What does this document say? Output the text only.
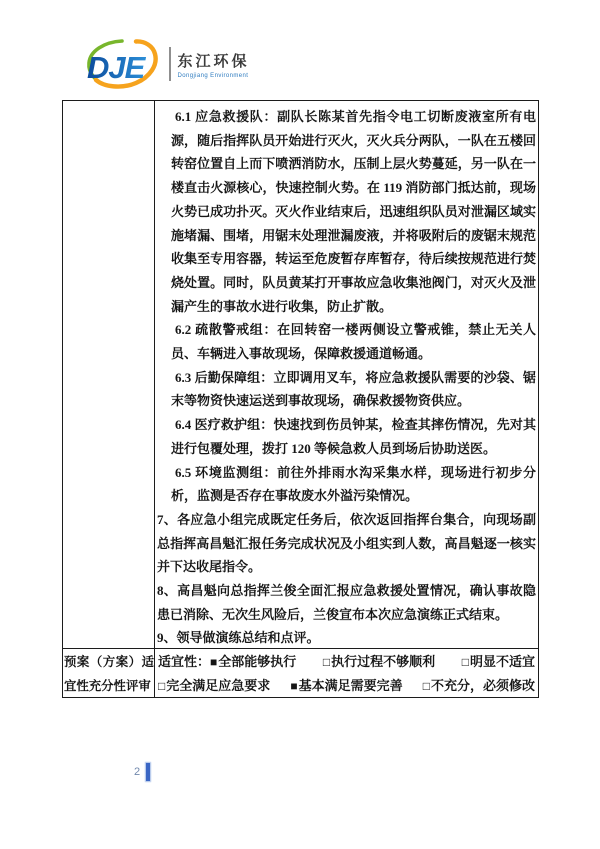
DJE 东江环保
Dongjiang Environment

6.1 应急救援队：副队长陈某首先指令电工切断废液室所有电源，随后指挥队员开始进行灭火，灭火兵分两队，一队在五楼回转窑位置自上而下喷洒消防水，压制上层火势蔓延，另一队在一楼直击火源核心，快速控制火势。在 119 消防部门抵达前，现场火势已成功扑灭。灭火作业结束后，迅速组织队员对泄漏区域实施堵漏、围堵，用锯末处理泄漏废液，并将吸附后的废锯末规范收集至专用容器，转运至危废暂存库暂存，待后续按规范进行焚烧处置。同时，队员黄某打开事故应急收集池阀门，对灭火及泄漏产生的事故水进行收集，防止扩散。

6.2 疏散警戒组：在回转窑一楼两侧设立警戒锥，禁止无关人员、车辆进入事故现场，保障救援通道畅通。

6.3 后勤保障组：立即调用叉车，将应急救援队需要的沙袋、锯末等物资快速运送到事故现场，确保救援物资供应。

6.4 医疗救护组：快速找到伤员钟某，检查其摔伤情况，先对其进行包覆处理，拨打 120 等候急救人员到场后协助送医。

6.5 环境监测组：前往外排雨水沟采集水样，现场进行初步分析，监测是否存在事故废水外溢污染情况。

7、各应急小组完成既定任务后，依次返回指挥台集合，向现场副总指挥高昌魁汇报任务完成状况及小组实到人数，高昌魁逐一核实并下达收尾指令。

8、高昌魁向总指挥兰俊全面汇报应急救援处置情况，确认事故隐患已消除、无次生风险后，兰俊宣布本次应急演练正式结束。

9、领导做演练总结和点评。

预案（方案）适宜性充分性评审
适宜性： ■ 全部能够执行 □ 执行过程不够顺利 □ 明显不适宜
□ 完全满足应急要求 ■ 基本满足需要完善 □ 不充分，必须修改
2
